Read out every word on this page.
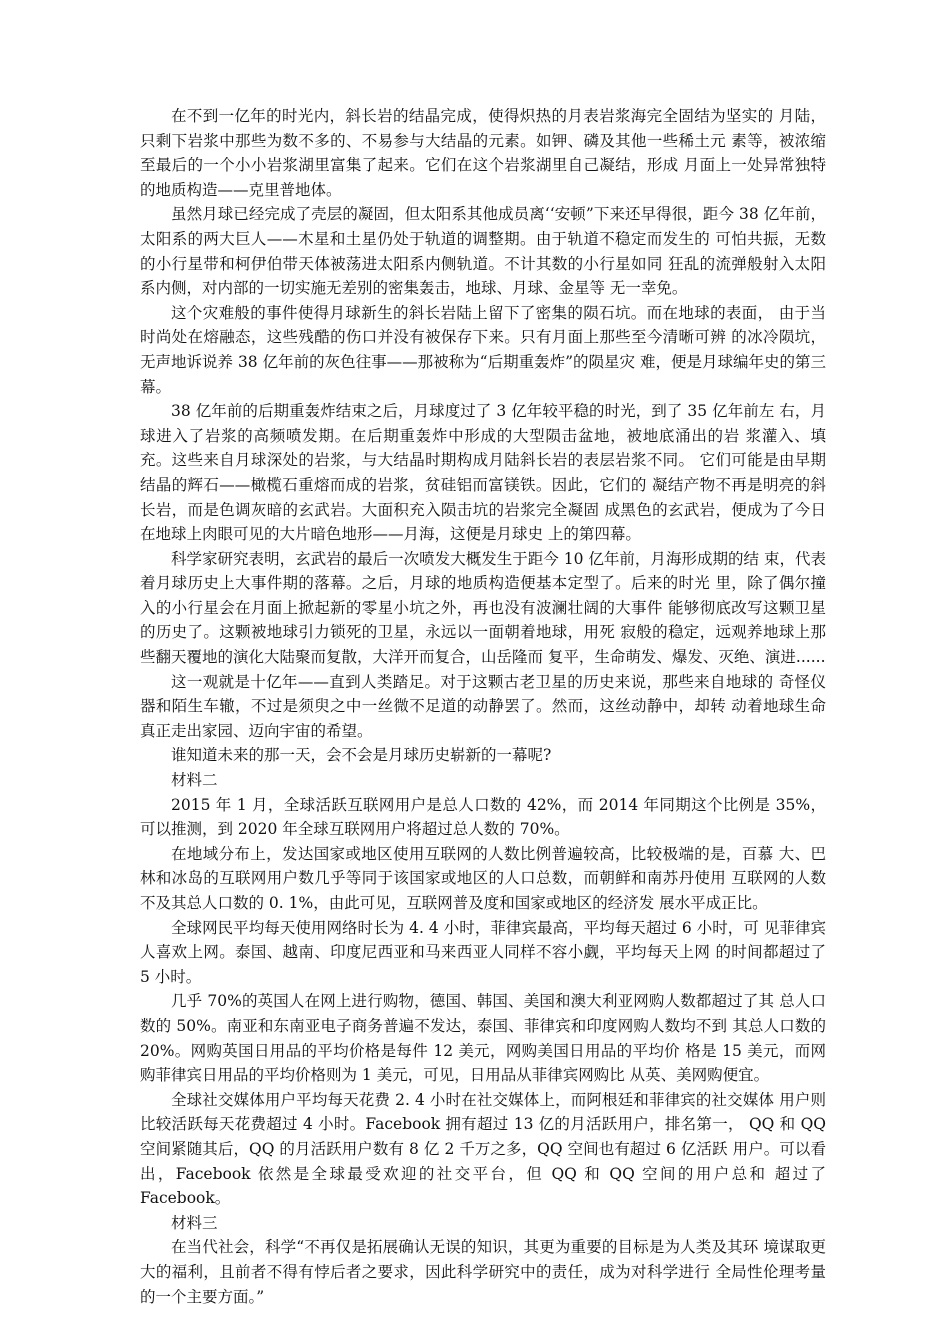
在不到一亿年的时光内，斜长岩的结晶完成，使得炽热的月表岩浆海完全固结为坚实的 月陆，只剩下岩浆中那些为数不多的、不易参与大结晶的元素。如钾、磷及其他一些稀土元 素等，被浓缩至最后的一个小小岩浆湖里富集了起来。它们在这个岩浆湖里自己凝结，形成 月面上一处异常独特的地质构造——克里普地体。

虽然月球已经完成了壳层的凝固，但太阳系其他成员离‘‘安顿”下来还早得很，距今 38 亿年前，太阳系的两大巨人——木星和土星仍处于轨道的调整期。由于轨道不稳定而发生的 可怕共振，无数的小行星带和柯伊伯带天体被荡进太阳系内侧轨道。不计其数的小行星如同 狂乱的流弹般射入太阳系内侧，对内部的一切实施无差别的密集轰击，地球、月球、金星等 无一幸免。

这个灾难般的事件使得月球新生的斜长岩陆上留下了密集的陨石坑。而在地球的表面， 由于当时尚处在熔融态，这些残酷的伤口并没有被保存下来。只有月面上那些至今清晰可辨 的冰冷陨坑， 无声地诉说养 38 亿年前的灰色往事——那被称为“后期重轰炸”的陨星灾 难，便是月球编年史的第三幕。

38 亿年前的后期重轰炸结束之后，月球度过了 3 亿年较平稳的时光，到了 35 亿年前左 右，月球进入了岩浆的高频喷发期。在后期重轰炸中形成的大型陨击盆地，被地底涌出的岩 浆灌入、填充。这些来自月球深处的岩浆，与大结晶时期构成月陆斜长岩的表层岩浆不同。 它们可能是由早期结晶的辉石——橄榄石重熔而成的岩浆，贫硅铝而富镁铁。因此，它们的 凝结产物不再是明亮的斜长岩，而是色调灰暗的玄武岩。大面积充入陨击坑的岩浆完全凝固 成黑色的玄武岩，便成为了今日在地球上肉眼可见的大片暗色地形——月海，这便是月球史 上的第四幕。

科学家研究表明，玄武岩的最后一次喷发大概发生于距今 10 亿年前，月海形成期的结 束，代表着月球历史上大事件期的落幕。之后，月球的地质构造便基本定型了。后来的时光 里，除了偶尔撞入的小行星会在月面上掀起新的零星小坑之外，再也没有波澜壮阔的大事件 能够彻底改写这颗卫星的历史了。这颗被地球引力锁死的卫星，永远以一面朝着地球，用死 寂般的稳定，远观养地球上那些翻天覆地的演化大陆聚而复散，大洋开而复合，山岳隆而 复平，生命萌发、爆发、灭绝、演进......

这一观就是十亿年——直到人类踏足。对于这颗古老卫星的历史来说，那些来自地球的 奇怪仪器和陌生车辙，不过是须臾之中一丝微不足道的动静罢了。然而，这丝动静中，却转 动着地球生命真正走出家园、迈向宇宙的希望。

谁知道未来的那一天，会不会是月球历史崭新的一幕呢?

材料二

2015 年 1 月，全球活跃互联网用户是总人口数的 42%，而 2014 年同期这个比例是 35%， 可以推测，到 2020 年全球互联网用户将超过总人数的 70%。

在地域分布上，发达国家或地区使用互联网的人数比例普遍较高，比较极端的是，百慕 大、巴林和冰岛的互联网用户数几乎等同于该国家或地区的人口总数，而朝鲜和南苏丹使用 互联网的人数不及其总人口数的 0. 1%，由此可见，互联网普及度和国家或地区的经济发 展水平成正比。

全球网民平均每天使用网络时长为 4. 4 小时，菲律宾最高，平均每天超过 6 小时，可 见菲律宾人喜欢上网。泰国、越南、印度尼西亚和马来西亚人同样不容小觑，平均每天上网 的时间都超过了 5 小时。

几乎 70%的英国人在网上进行购物，德国、韩国、美国和澳大利亚网购人数都超过了其 总人口数的 50%。南亚和东南亚电子商务普遍不发达，泰国、菲律宾和印度网购人数均不到 其总人口数的 20%。网购英国日用品的平均价格是每件 12 美元，网购美国日用品的平均价 格是 15 美元，而网购菲律宾日用品的平均价格则为 1 美元，可见，日用品从菲律宾网购比 从英、美网购便宜。

全球社交媒体用户平均每天花费 2. 4 小时在社交媒体上，而阿根廷和菲律宾的社交媒体 用户则比较活跃每天花费超过 4 小时。Facebook 拥有超过 13 亿的月活跃用户，排名第一， QQ 和 QQ 空间紧随其后，QQ 的月活跃用户数有 8 亿 2 千万之多，QQ 空间也有超过 6 亿活跃 用户。可以看出，Facebook 依然是全球最受欢迎的社交平台，但 QQ 和 QQ 空间的用户总和 超过了 Facebook。

材料三

在当代社会，科学“不再仅是拓展确认无误的知识，其更为重要的目标是为人类及其环 境谋取更大的福利，且前者不得有悖后者之要求，因此科学研究中的责任，成为对科学进行 全局性伦理考量的一个主要方面。”
